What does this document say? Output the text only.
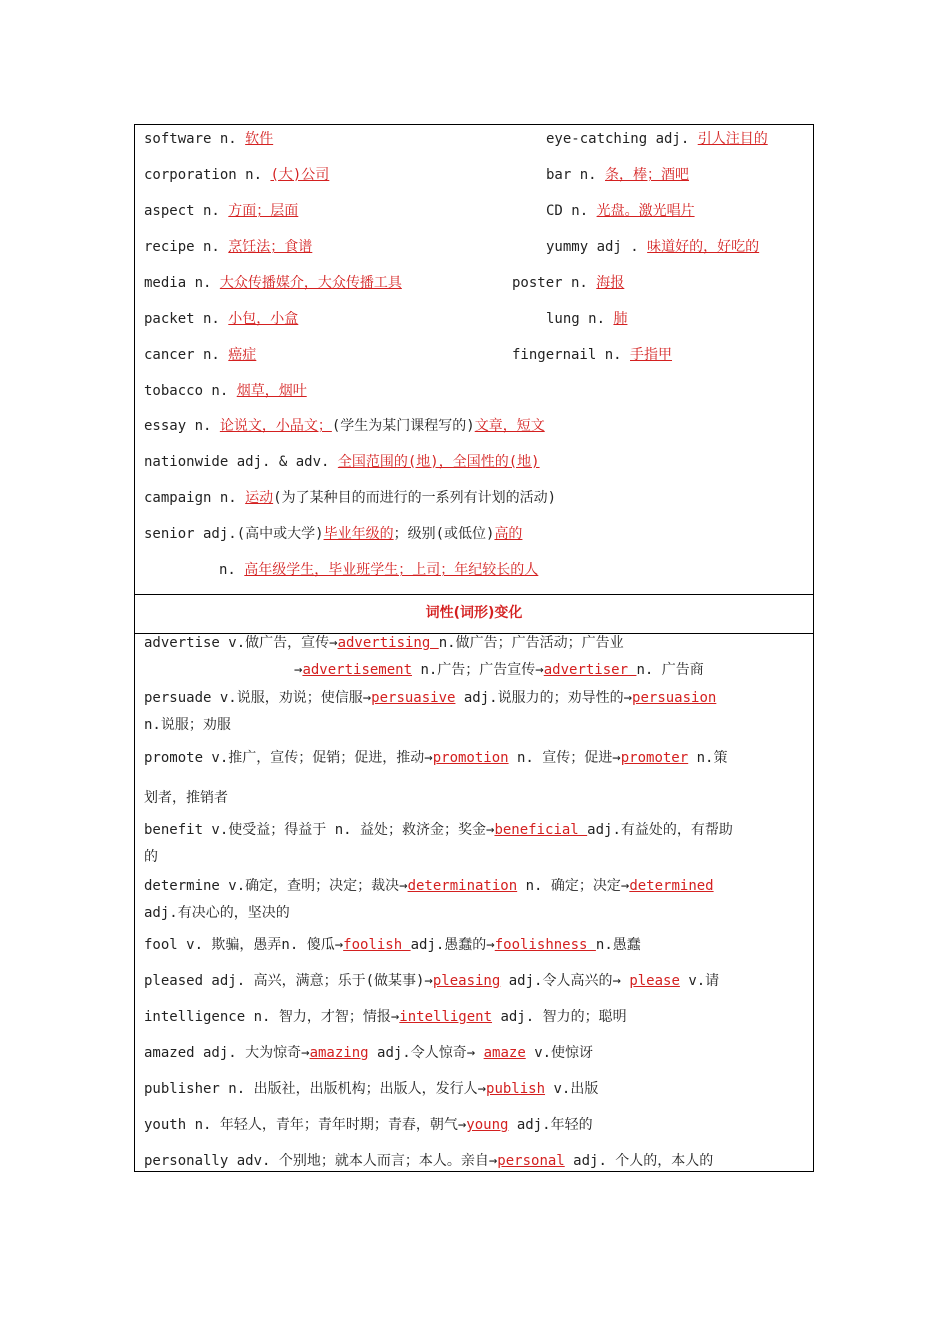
software n. 软件	eye-catching adj. 引人注目的
corporation n. (大)公司	bar n. 条，棒；酒吧
aspect n. 方面；层面	CD n. 光盘。激光唱片
recipe n. 烹饪法；食谱	yummy adj . 味道好的，好吃的
media n. 大众传播媒介，大众传播工具	poster n. 海报
packet n. 小包，小盒	lung n. 肺
cancer n. 癌症	fingernail n. 手指甲
tobacco n. 烟草，烟叶
essay n. 论说文，小品文；(学生为某门课程写的)文章，短文
nationwide adj. & adv. 全国范围的(地)，全国性的(地)
campaign n. 运动(为了某种目的而进行的一系列有计划的活动)
senior adj.(高中或大学)毕业年级的；级别(或低位)高的
n. 高年级学生，毕业班学生；上司；年纪较长的人
词性(词形)变化
advertise v.做广告，宣传→advertising n.做广告；广告活动；广告业
→advertisement n.广告；广告宣传→advertiser n. 广告商
persuade v.说服，劝说；使信服→persuasive adj.说服力的；劝导性的→persuasion
n.说服；劝服
promote v.推广，宣传；促销；促进，推动→promotion n. 宣传；促进→promoter n.策
划者，推销者
benefit v.使受益；得益于 n. 益处；救济金；奖金→beneficial adj.有益处的，有帮助
的
determine v.确定，查明；决定；裁决→determination n. 确定；决定→determined
adj.有决心的，坚决的
fool v. 欺骗，愚弄n. 傻瓜→foolish adj.愚蠢的→foolishness n.愚蠢
pleased adj. 高兴，满意；乐于(做某事)→pleasing adj.令人高兴的→ please v.请
intelligence n. 智力，才智；情报→intelligent adj. 智力的；聪明
amazed adj. 大为惊奇→amazing adj.令人惊奇→ amaze v.使惊讶
publisher n. 出版社，出版机构；出版人，发行人→publish v.出版
youth n. 年轻人，青年；青年时期；青春，朝气→young adj.年轻的
personally adv. 个别地；就本人而言；本人。亲自→personal adj. 个人的，本人的
